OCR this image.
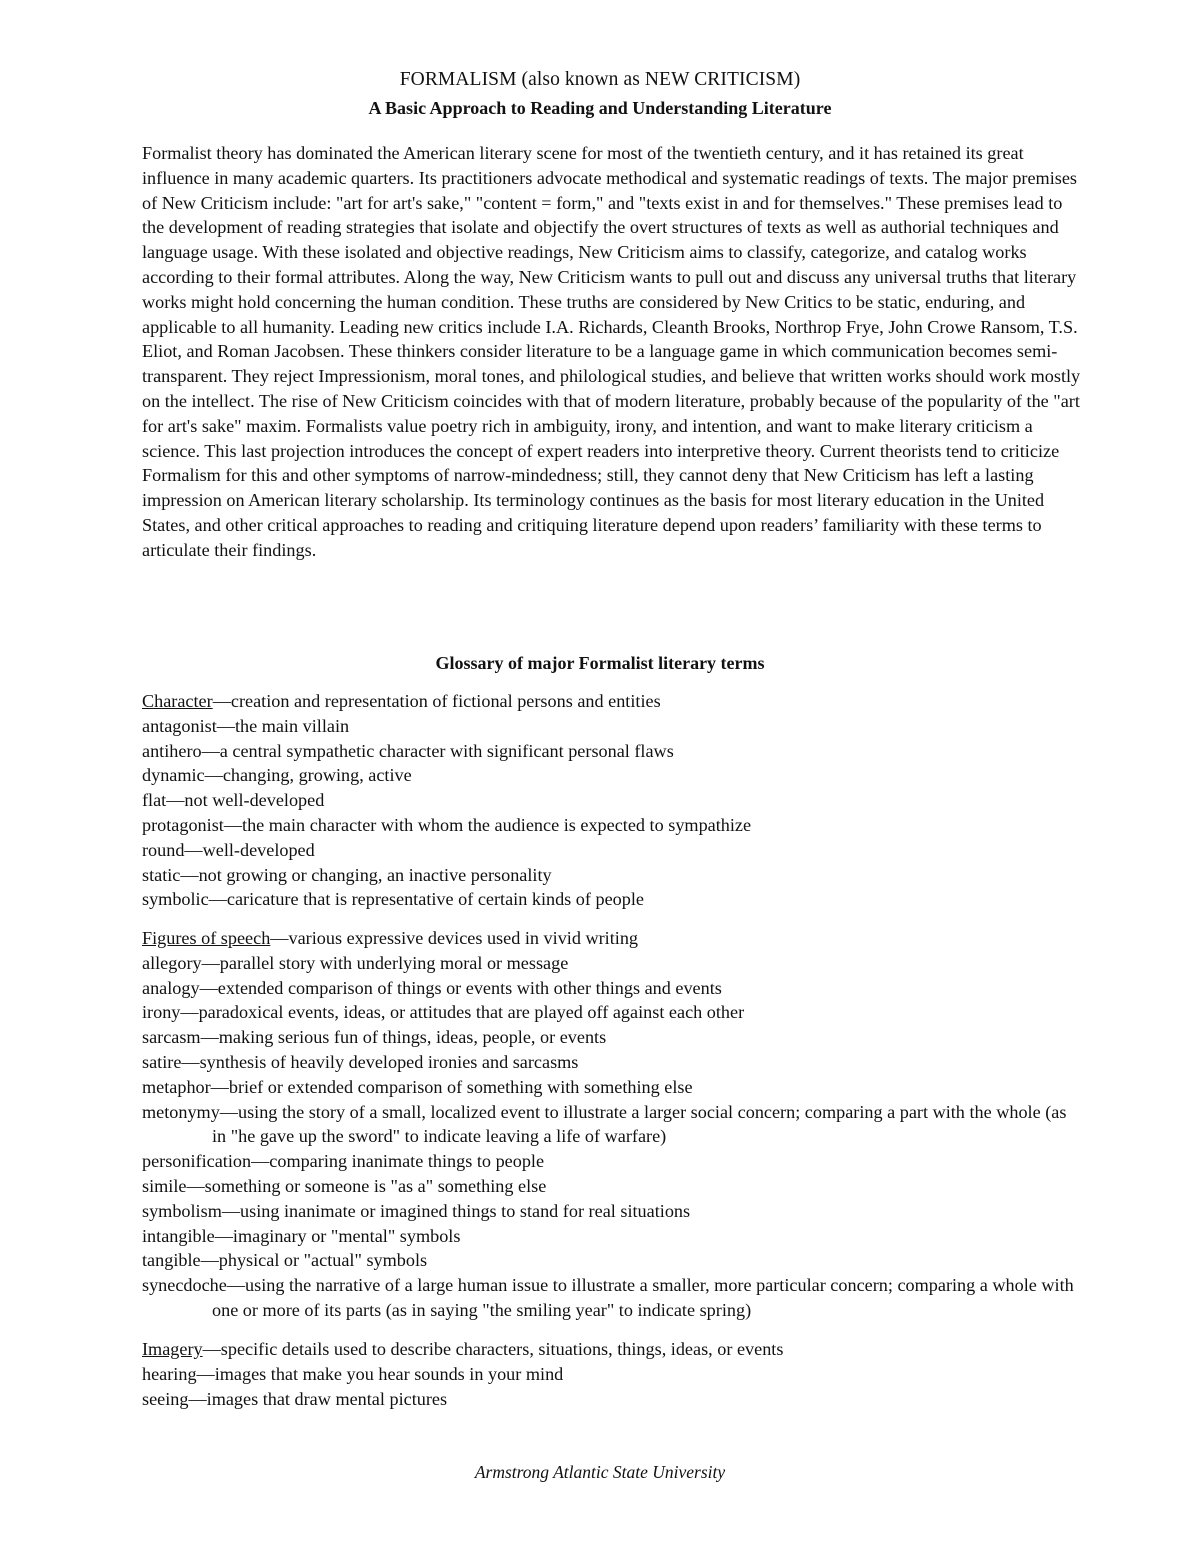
FORMALISM (also known as NEW CRITICISM)
A Basic Approach to Reading and Understanding Literature

Formalist theory has dominated the American literary scene for most of the twentieth century, and it has retained its great influence in many academic quarters. Its practitioners advocate methodical and systematic readings of texts. The major premises of New Criticism include: "art for art's sake," "content = form," and "texts exist in and for themselves." These premises lead to the development of reading strategies that isolate and objectify the overt structures of texts as well as authorial techniques and language usage. With these isolated and objective readings, New Criticism aims to classify, categorize, and catalog works according to their formal attributes. Along the way, New Criticism wants to pull out and discuss any universal truths that literary works might hold concerning the human condition. These truths are considered by New Critics to be static, enduring, and applicable to all humanity. Leading new critics include I.A. Richards, Cleanth Brooks, Northrop Frye, John Crowe Ransom, T.S. Eliot, and Roman Jacobsen. These thinkers consider literature to be a language game in which communication becomes semi-transparent. They reject Impressionism, moral tones, and philological studies, and believe that written works should work mostly on the intellect. The rise of New Criticism coincides with that of modern literature, probably because of the popularity of the "art for art's sake" maxim. Formalists value poetry rich in ambiguity, irony, and intention, and want to make literary criticism a science. This last projection introduces the concept of expert readers into interpretive theory. Current theorists tend to criticize Formalism for this and other symptoms of narrow-mindedness; still, they cannot deny that New Criticism has left a lasting impression on American literary scholarship. Its terminology continues as the basis for most literary education in the United States, and other critical approaches to reading and critiquing literature depend upon readers’ familiarity with these terms to articulate their findings.

Glossary of major Formalist literary terms
Character—creation and representation of fictional persons and entities
antagonist—the main villain
antihero—a central sympathetic character with significant personal flaws
dynamic—changing, growing, active
flat—not well-developed
protagonist—the main character with whom the audience is expected to sympathize
round—well-developed
static—not growing or changing, an inactive personality
symbolic—caricature that is representative of certain kinds of people
Figures of speech—various expressive devices used in vivid writing
allegory—parallel story with underlying moral or message
analogy—extended comparison of things or events with other things and events
irony—paradoxical events, ideas, or attitudes that are played off against each other
sarcasm—making serious fun of things, ideas, people, or events
satire—synthesis of heavily developed ironies and sarcasms
metaphor—brief or extended comparison of something with something else
metonymy—using the story of a small, localized event to illustrate a larger social concern; comparing a part with the whole (as in "he gave up the sword" to indicate leaving a life of warfare)
personification—comparing inanimate things to people
simile—something or someone is "as a" something else
symbolism—using inanimate or imagined things to stand for real situations
intangible—imaginary or "mental" symbols
tangible—physical or "actual" symbols
synecdoche—using the narrative of a large human issue to illustrate a smaller, more particular concern; comparing a whole with one or more of its parts (as in saying "the smiling year" to indicate spring)
Imagery—specific details used to describe characters, situations, things, ideas, or events
hearing—images that make you hear sounds in your mind
seeing—images that draw mental pictures
Armstrong Atlantic State University
